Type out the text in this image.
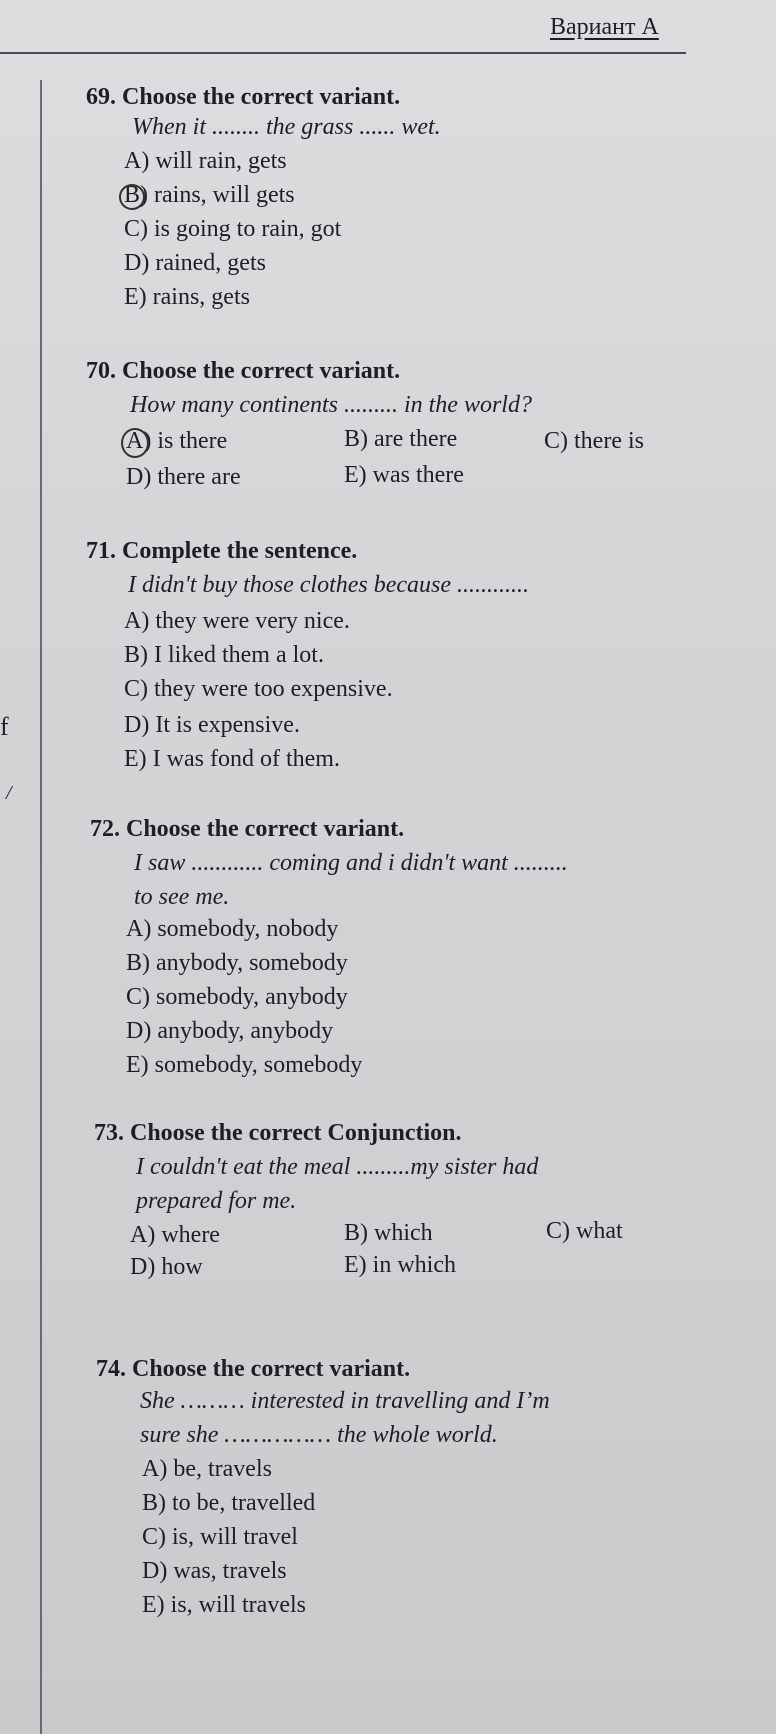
Вариант А
f
/
69. Choose the correct variant.
When it ........ the grass ...... wet.
A) will rain, gets
B) rains, will gets
C) is going to rain, got
D) rained, gets
E) rains, gets
70. Choose the correct variant.
How many continents ......... in the world?
A) is there	B) are there	C) there is
D) there are	E) was there
71. Complete the sentence.
I didn't buy those clothes because ............
A) they were very nice.
B) I liked them a lot.
C) they were too expensive.
D) It is expensive.
E) I was fond of them.
72. Choose the correct variant.
I saw ............ coming and i didn't want .........
to see me.
A) somebody, nobody
B) anybody, somebody
C) somebody, anybody
D) anybody, anybody
E) somebody, somebody
73. Choose the correct Conjunction.
I couldn't eat the meal .........my sister had
prepared for me.
A) where	B) which	C) what
D) how	E) in which
74. Choose the correct variant.
She ……… interested in travelling and I’m
sure she …………… the whole world.
A) be, travels
B) to be, travelled
C) is, will travel
D) was, travels
E) is, will travels
